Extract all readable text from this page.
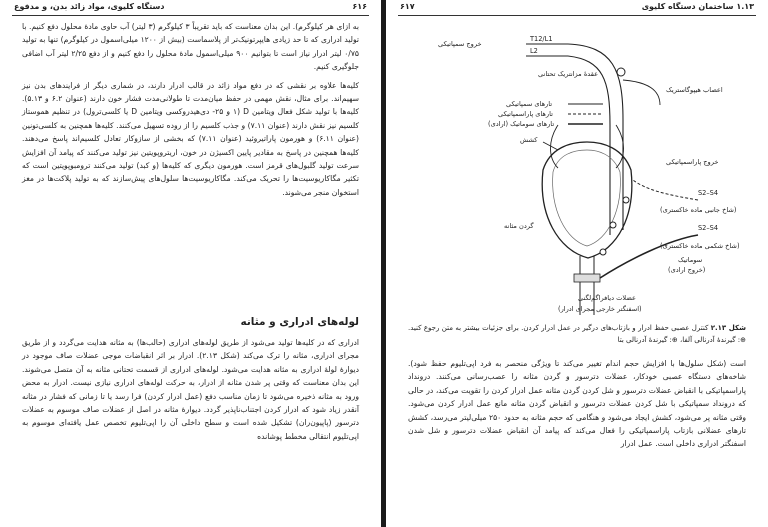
۶۱۶
دستگاه کلیوی، مواد زائد بدن، و مدفوع

به ازای هر کیلوگرم). این بدان معناست که باید تقریباً ۳ کیلوگرم (۳ لیتر) آب حاوی مادهٔ محلول دفع کنیم. با تولید ادراری که تا حد زیادی هایپرتونیک‌تر از پلاسماست (بیش از ۱۲۰۰ میلی‌اسمول در کیلوگرم) تنها به تولید ۰/۷۵ لیتر ادرار نیاز است تا بتوانیم ۹۰۰ میلی‌اسمول مادهٔ محلول را دفع کنیم و از دفع ۲/۲۵ لیتر آب اضافی جلوگیری کنیم.

کلیه‌ها علاوه بر نقشی که در دفع مواد زائد در قالب ادرار دارند، در شماری دیگر از فرایندهای بدن نیز سهیم‌اند. برای مثال، نقش مهمی در حفظ میان‌مدت تا طولانی‌مدت فشار خون دارند (عنوان ۶.۲ و ۵.۱۳). کلیه‌ها با تولید شکل فعال ویتامین D (۱ و ۲۵- دی‌هیدروکسی ویتامین D یا کلسی‌ترول) در تنظیم هموستاز کلسیم نیز نقش دارند (عنوان ۷.۱۱) و جذب کلسیم را از روده تسهیل می‌کنند. کلیه‌ها همچنین به کلسی‌تونین (عنوان ۶.۱۱) و هورمون پاراتیروئید (عنوان ۷.۱۱) که بخشی از سازوکار تعادل کلسیم‌اند پاسخ می‌دهند. کلیه‌ها همچنین در پاسخ به مقادیر پایین اکسیژن در خون، اریتروپویتین نیز تولید می‌کنند که پیامد آن افزایش سرعت تولید گلبول‌های قرمز است. هورمون دیگری که کلیه‌ها (و کبد) تولید می‌کنند ترومبوپویتین است که تکثیر مگاکاریوسیت‌ها را تحریک می‌کند. مگاکاریوسیت‌ها سلول‌های پیش‌سازند که به تولید پلاکت‌ها در مغز استخوان منجر می‌شوند.

لوله‌های ادراری و مثانه

ادراری که در کلیه‌ها تولید می‌شود از طریق لوله‌های ادراری (حالب‌ها) به مثانه هدایت می‌گردد و از طریق مجرای ادراری، مثانه را ترک می‌کند (شکل ۲.۱۳). ادرار بر اثر انقباضات موجی عضلات صاف موجود در دیوارهٔ لولهٔ ادراری به مثانه هدایت می‌شود. لوله‌های ادراری از قسمت تحتانی مثانه به آن متصل می‌شوند. این بدان معناست که وقتی پر شدن مثانه از ادرار، به حرکت لوله‌های ادراری نیازی نیست. ادرار به محض ورود به مثانه ذخیره می‌شود تا زمان مناسب دفع (عمل ادرار کردن) فرا رسد یا تا زمانی که فشار در مثانه آنقدر زیاد شود که ادرار کردن اجتناب‌ناپذیر گردد. دیوارهٔ مثانه در اصل از عضلات صاف موسوم به عضلات دترسور (پاپیون‌ران) تشکیل شده است و سطح داخلی آن را اپی‌تلیوم تخصص عمل یافته‌ای موسوم به اپی‌تلیوم انتقالی مخطط پوشانده

۱.۱۳ ساختمان دستگاه کلیوی
۶۱۷
خروج سمپاتیکی
T12/L1
L2
عقدهٔ مزانتریک تحتانی
اعصاب هیپوگاستریک
تارهای سمپاتیکی
تارهای پاراسمپاتیکی
تارهای سوماتیک (ارادی)
کشش
خروج پاراسمپاتیکی
S2–S4
(شاخ جانبی ماده خاکستری)
گردن مثانه	S2–S4
(شاخ شکمی ماده خاکستری)
سوماتیک
(خروج ارادی)
عضلات دیافراگم‌لگنی
(اسفنگتر خارجی مجرای ادرار)
شکل ۲.۱۳ کنترل عصبی حفظ ادرار و بازتاب‌های درگیر در عمل ادرار کردن. برای جزئیات بیشتر به متن رجوع کنید. ⊕: گیرندهٔ آدرنالی آلفا، ⊕: گیرندهٔ آدرنالی بتا

است (شکل سلول‌ها با افزایش حجم اندام تغییر می‌کند تا ویژگی منحصر به فرد اپی‌تلیوم حفظ شود). شاخه‌های دستگاه عصبی خودکار، عضلات دترسور و گردن مثانه را عصب‌رسانی می‌کنند. درونداد پاراسمپاتیکی با انقباض عضلات دترسور و شل کردن گردن مثانه عمل ادرار کردن را تقویت می‌کند، در حالی که درونداد سمپاتیکی با شل کردن عضلات دترسور و انقباض گردن مثانه مانع عمل ادرار کردن می‌شود. وقتی مثانه پر می‌شود، کشش ایجاد می‌شود و هنگامی که حجم مثانه به حدود ۲۵۰ میلی‌لیتر می‌رسد، کشش تارهای عضلانی بازتاب پاراسمپاتیکی را فعال می‌کند که پیامد آن انقباض عضلات دترسور و شل شدن اسفنگتر ادراری داخلی است. عمل ادرار
